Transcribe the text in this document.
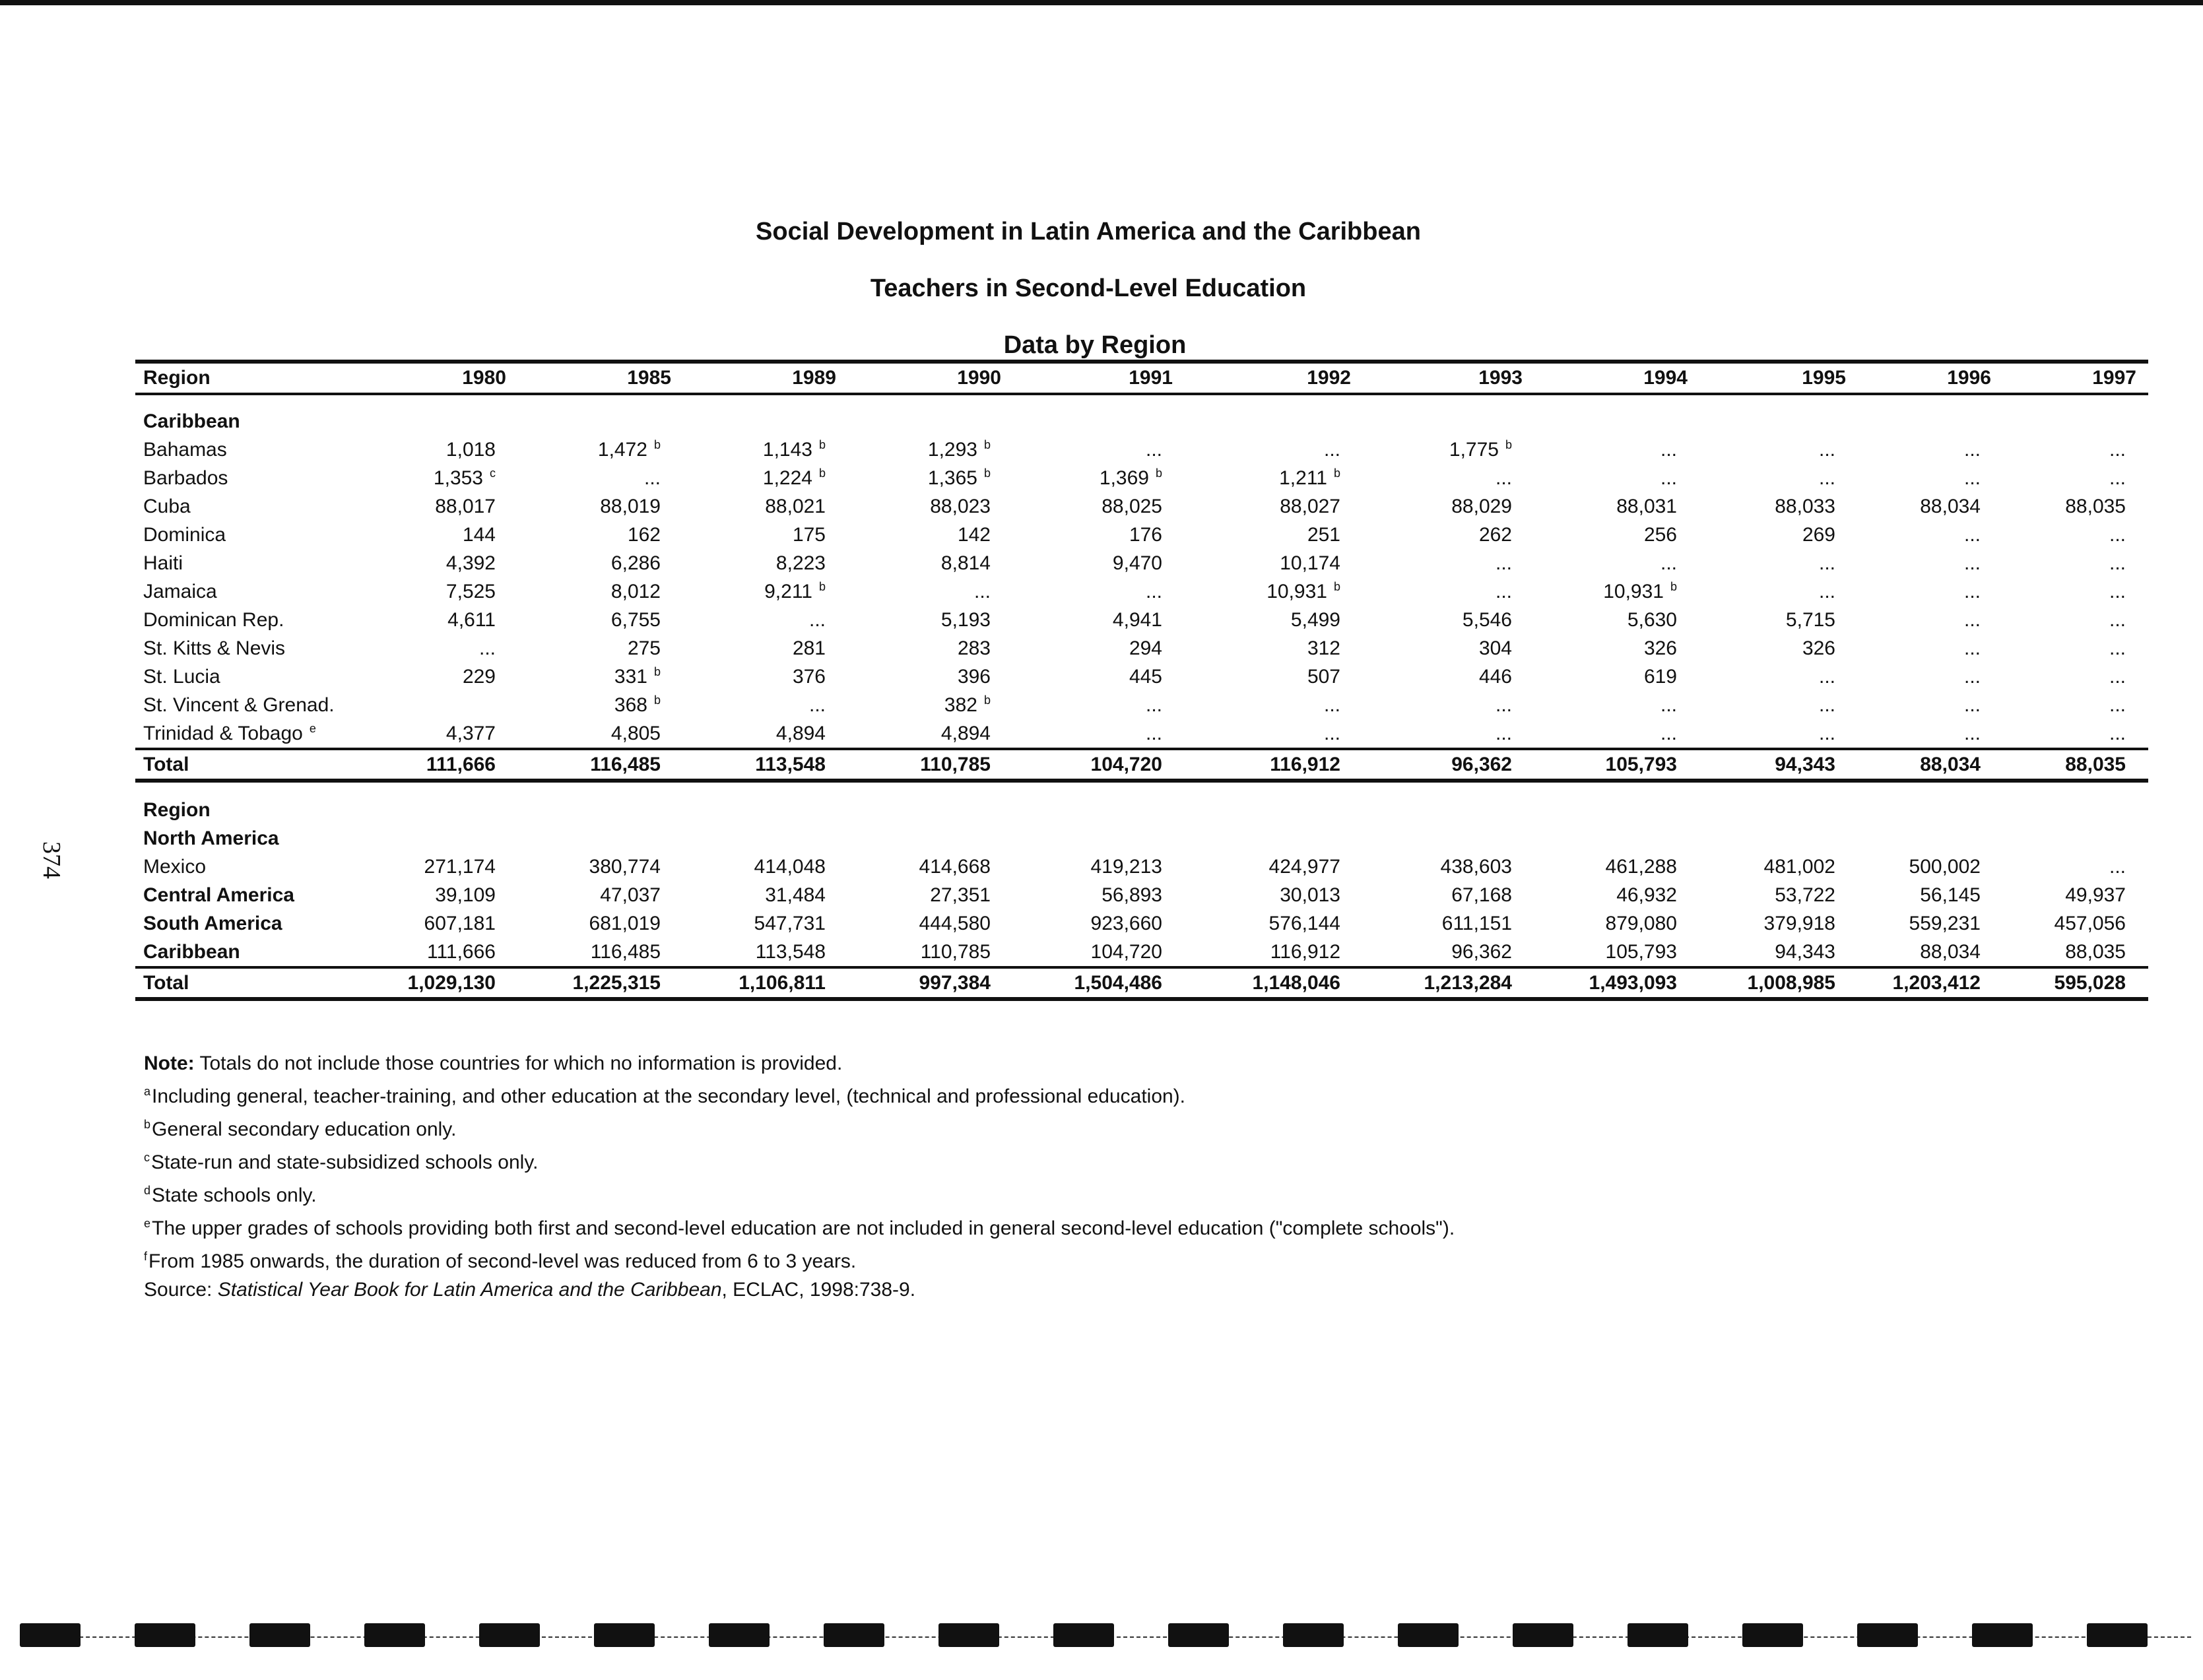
Social Development in Latin America and the Caribbean
Teachers in Second-Level Education
Data by Region
374
Region	1980	1985	1989	1990	1991	1992	1993	1994	1995	1996	1997
Caribbean											
Bahamas	1,018	1,472 $^b$	1,143 $^b$	1,293 $^b$	...	...	1,775 $^b$	...	...	...	...
Barbados	1,353 $^c$	...	1,224 $^b$	1,365 $^b$	1,369 $^b$	1,211 $^b$	...	...	...	...	...
Cuba	88,017	88,019	88,021	88,023	88,025	88,027	88,029	88,031	88,033	88,034	88,035
Dominica	144	162	175	142	176	251	262	256	269	...	...
Haiti	4,392	6,286	8,223	8,814	9,470	10,174	...	...	...	...	...
Jamaica	7,525	8,012	9,211 $^b$	...	...	10,931 $^b$	...	10,931 $^b$	...	...	...
Dominican Rep.	4,611	6,755	...	5,193	4,941	5,499	5,546	5,630	5,715	...	...
St. Kitts & Nevis	...	275	281	283	294	312	304	326	326	...	...
St. Lucia	229	331 $^b$	376	396	445	507	446	619	...	...	...
St. Vincent & Grenad.		368 $^b$	...	382 $^b$	...	...	...	...	...	...	...
Trinidad & Tobago $^e$	4,377	4,805	4,894	4,894	...	...	...	...	...	...	...
Total	111,666	116,485	113,548	110,785	104,720	116,912	96,362	105,793	94,343	88,034	88,035

Region											
North America											
Mexico	271,174	380,774	414,048	414,668	419,213	424,977	438,603	461,288	481,002	500,002	...
Central America	39,109	47,037	31,484	27,351	56,893	30,013	67,168	46,932	53,722	56,145	49,937
South America	607,181	681,019	547,731	444,580	923,660	576,144	611,151	879,080	379,918	559,231	457,056
Caribbean	111,666	116,485	113,548	110,785	104,720	116,912	96,362	105,793	94,343	88,034	88,035
Total	1,029,130	1,225,315	1,106,811	997,384	1,504,486	1,148,046	1,213,284	1,493,093	1,008,985	1,203,412	595,028
Note: Totals do not include those countries for which no information is provided.
$^a$Including general, teacher-training, and other education at the secondary level, (technical and professional education).
$^b$General secondary education only.
$^c$State-run and state-subsidized schools only.
$^d$State schools only.
$^e$The upper grades of schools providing both first and second-level education are not included in general second-level education ("complete schools").
$^f$From 1985 onwards, the duration of second-level was reduced from 6 to 3 years.
Source: Statistical Year Book for Latin America and the Caribbean, ECLAC, 1998:738-9.
